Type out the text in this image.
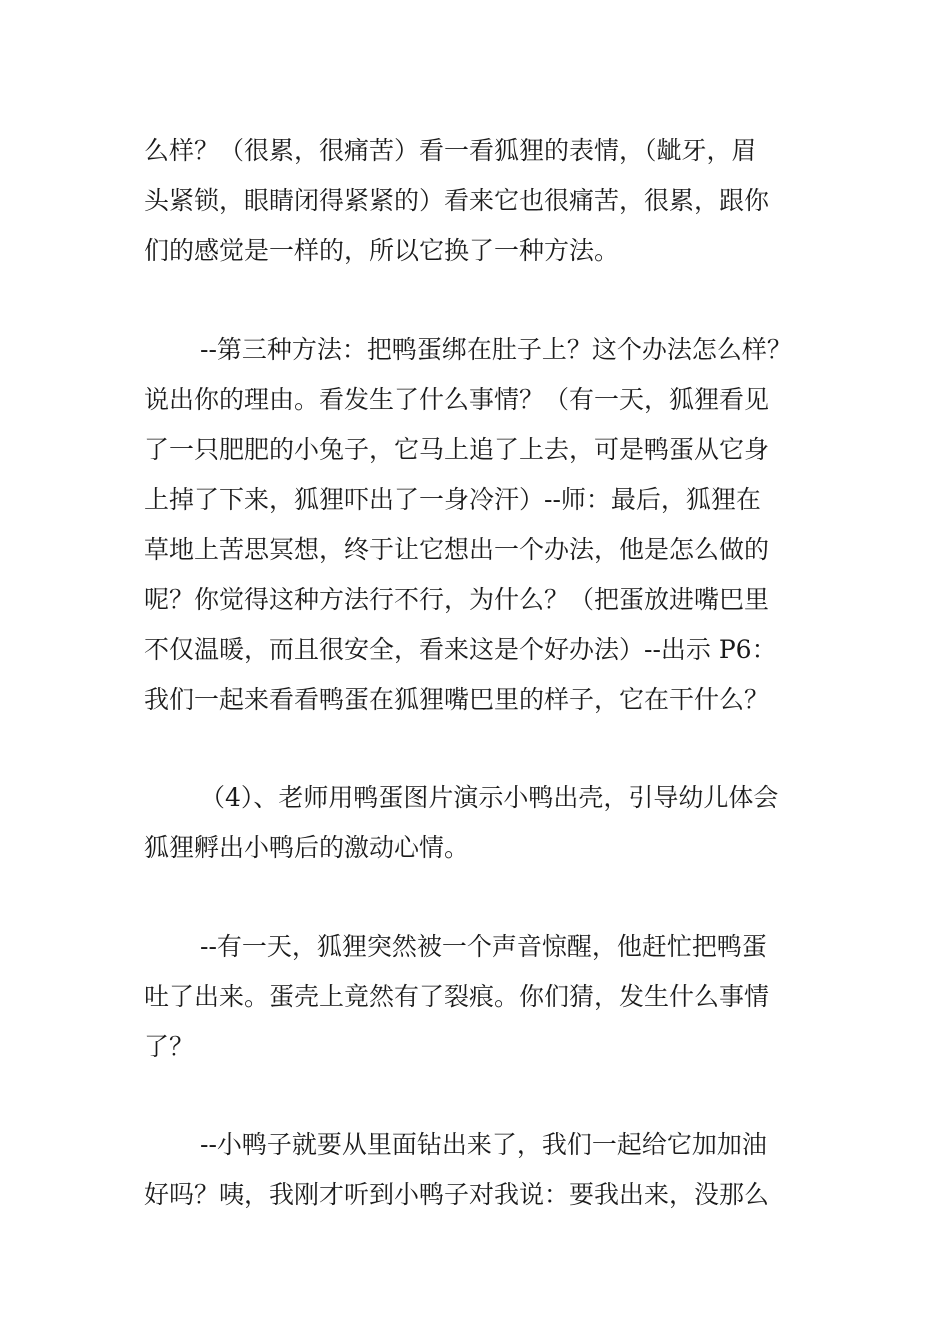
么样？（很累，很痛苦）看一看狐狸的表情，（龇牙，眉
头紧锁，眼睛闭得紧紧的）看来它也很痛苦，很累，跟你
们的感觉是一样的，所以它换了一种方法。

--第三种方法：把鸭蛋绑在肚子上？这个办法怎么样？
说出你的理由。看发生了什么事情？（有一天，狐狸看见
了一只肥肥的小兔子，它马上追了上去，可是鸭蛋从它身
上掉了下来，狐狸吓出了一身冷汗）--师：最后，狐狸在
草地上苦思冥想，终于让它想出一个办法，他是怎么做的
呢？你觉得这种方法行不行，为什么？（把蛋放进嘴巴里
不仅温暖，而且很安全，看来这是个好办法）--出示 P6：
我们一起来看看鸭蛋在狐狸嘴巴里的样子，它在干什么？

（4）、老师用鸭蛋图片演示小鸭出壳，引导幼儿体会
狐狸孵出小鸭后的激动心情。

--有一天，狐狸突然被一个声音惊醒，他赶忙把鸭蛋
吐了出来。蛋壳上竟然有了裂痕。你们猜，发生什么事情
了？

--小鸭子就要从里面钻出来了，我们一起给它加加油
好吗？咦，我刚才听到小鸭子对我说：要我出来，没那么
